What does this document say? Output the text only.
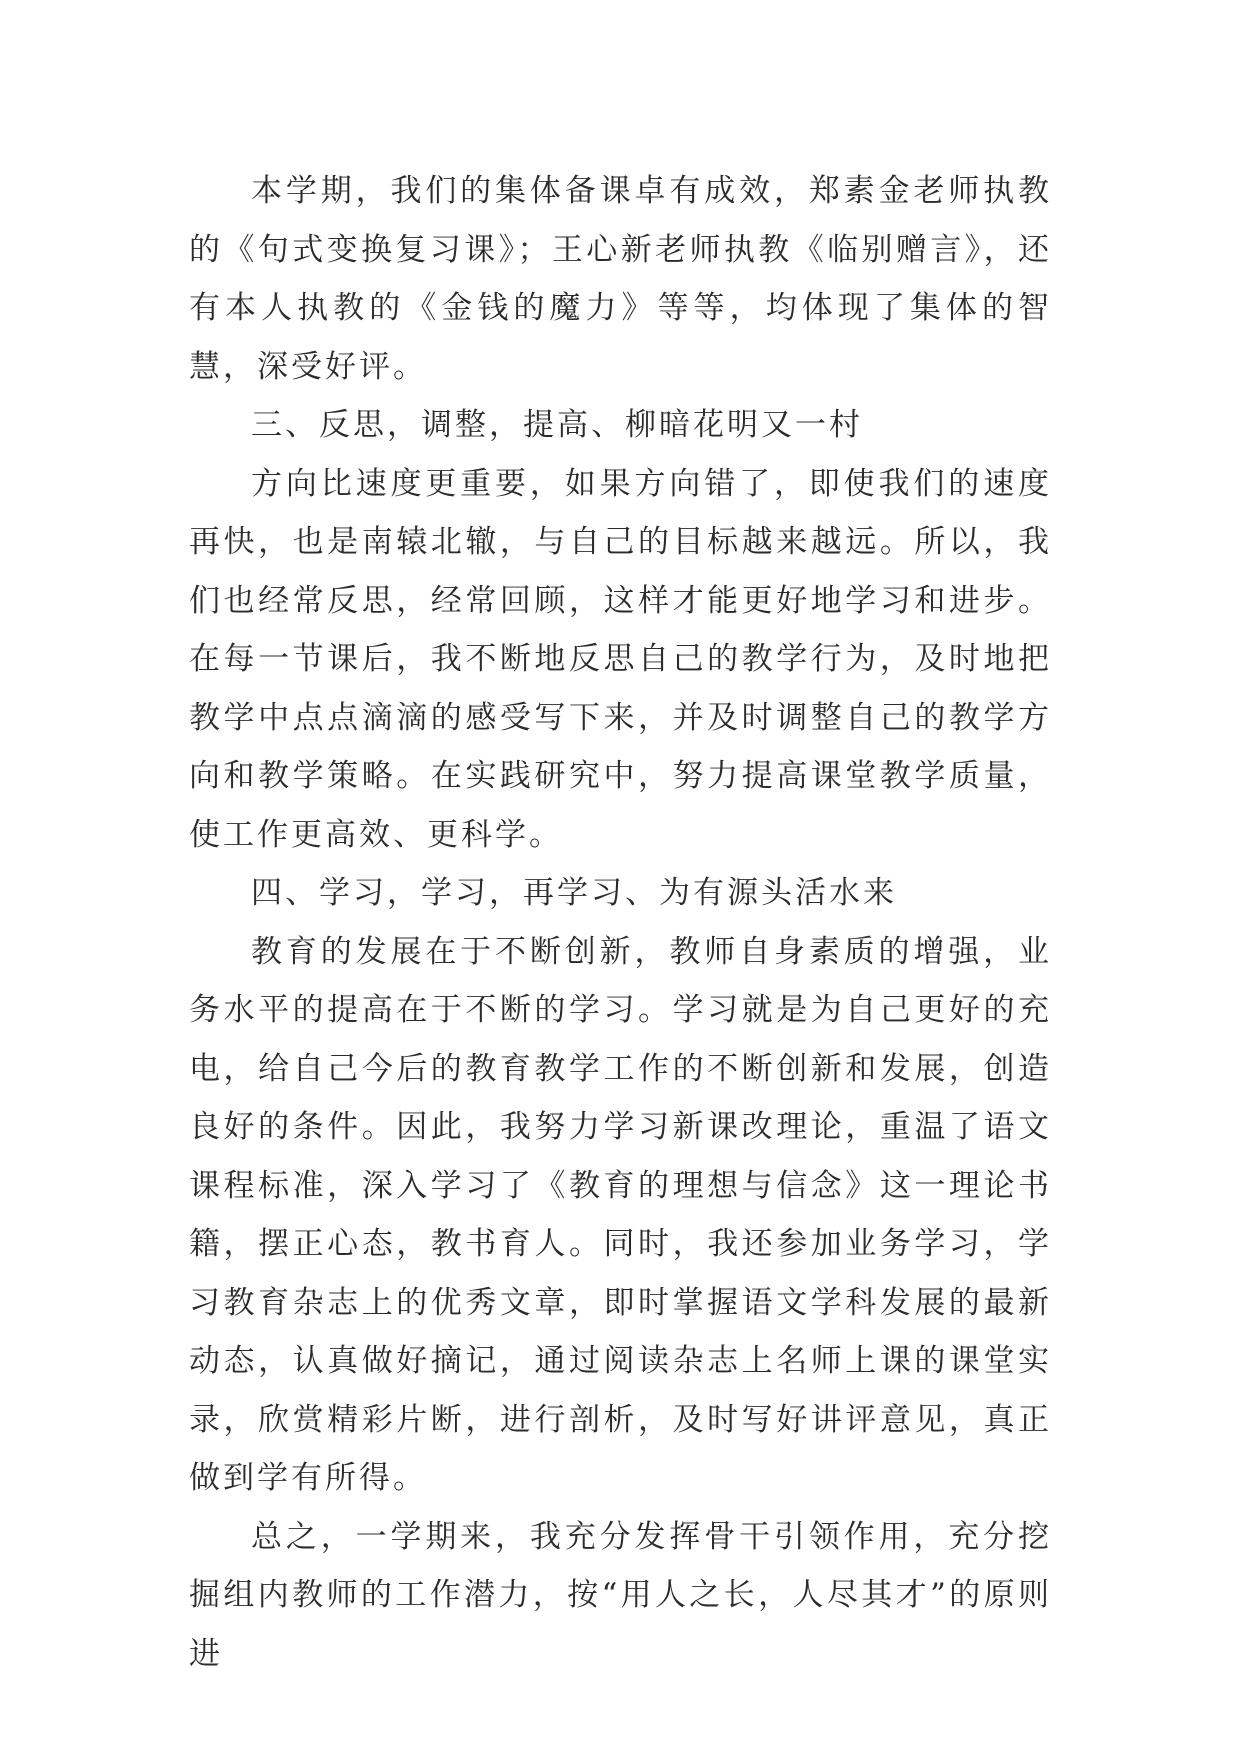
本学期，我们的集体备课卓有成效，郑素金老师执教的《句式变换复习课》；王心新老师执教《临别赠言》，还有本人执教的《金钱的魔力》等等，均体现了集体的智慧，深受好评。

三、反思，调整，提高、柳暗花明又一村

方向比速度更重要，如果方向错了，即使我们的速度再快，也是南辕北辙，与自己的目标越来越远。所以，我们也经常反思，经常回顾，这样才能更好地学习和进步。在每一节课后，我不断地反思自己的教学行为，及时地把教学中点点滴滴的感受写下来，并及时调整自己的教学方向和教学策略。在实践研究中，努力提高课堂教学质量，使工作更高效、更科学。

四、学习，学习，再学习、为有源头活水来

教育的发展在于不断创新，教师自身素质的增强，业务水平的提高在于不断的学习。学习就是为自己更好的充电，给自己今后的教育教学工作的不断创新和发展，创造良好的条件。因此，我努力学习新课改理论，重温了语文课程标准，深入学习了《教育的理想与信念》这一理论书籍，摆正心态，教书育人。同时，我还参加业务学习，学习教育杂志上的优秀文章，即时掌握语文学科发展的最新动态，认真做好摘记，通过阅读杂志上名师上课的课堂实录，欣赏精彩片断，进行剖析，及时写好讲评意见，真正做到学有所得。

总之，一学期来，我充分发挥骨干引领作用，充分挖掘组内教师的工作潜力，按“用人之长，人尽其才”的原则进
